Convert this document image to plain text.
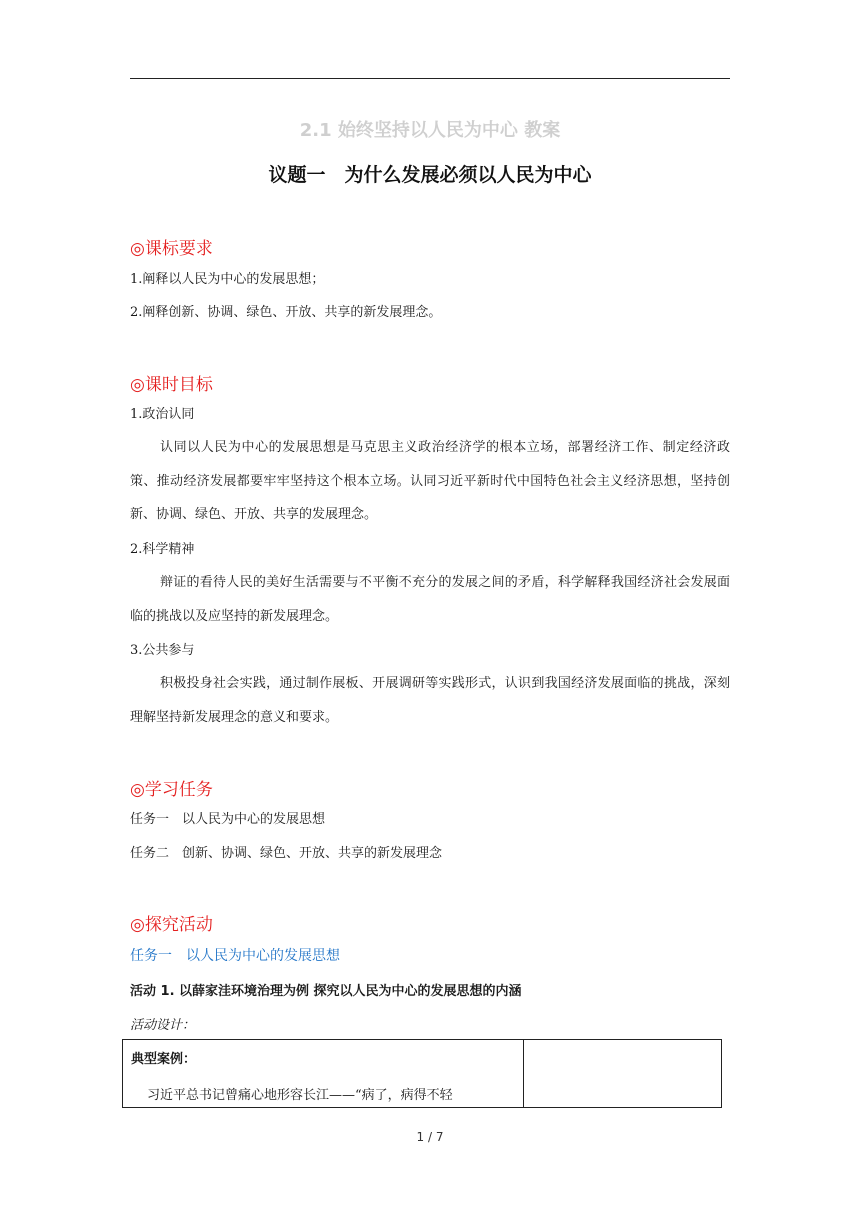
2.1 始终坚持以人民为中心 教案
议题一　为什么发展必须以人民为中心
◎课标要求
1.阐释以人民为中心的发展思想；
2.阐释创新、协调、绿色、开放、共享的新发展理念。
◎课时目标
1.政治认同
认同以人民为中心的发展思想是马克思主义政治经济学的根本立场，部署经济工作、制定经济政策、推动经济发展都要牢牢坚持这个根本立场。认同习近平新时代中国特色社会主义经济思想，坚持创新、协调、绿色、开放、共享的发展理念。
2.科学精神
辩证的看待人民的美好生活需要与不平衡不充分的发展之间的矛盾，科学解释我国经济社会发展面临的挑战以及应坚持的新发展理念。
3.公共参与
积极投身社会实践，通过制作展板、开展调研等实践形式，认识到我国经济发展面临的挑战，深刻理解坚持新发展理念的意义和要求。
◎学习任务
任务一　以人民为中心的发展思想
任务二　创新、协调、绿色、开放、共享的新发展理念
◎探究活动
任务一　以人民为中心的发展思想
活动 1. 以薛家洼环境治理为例 探究以人民为中心的发展思想的内涵
活动设计：
典型案例：
习近平总书记曾痛心地形容长江——“病了，病得不轻
1 / 7
